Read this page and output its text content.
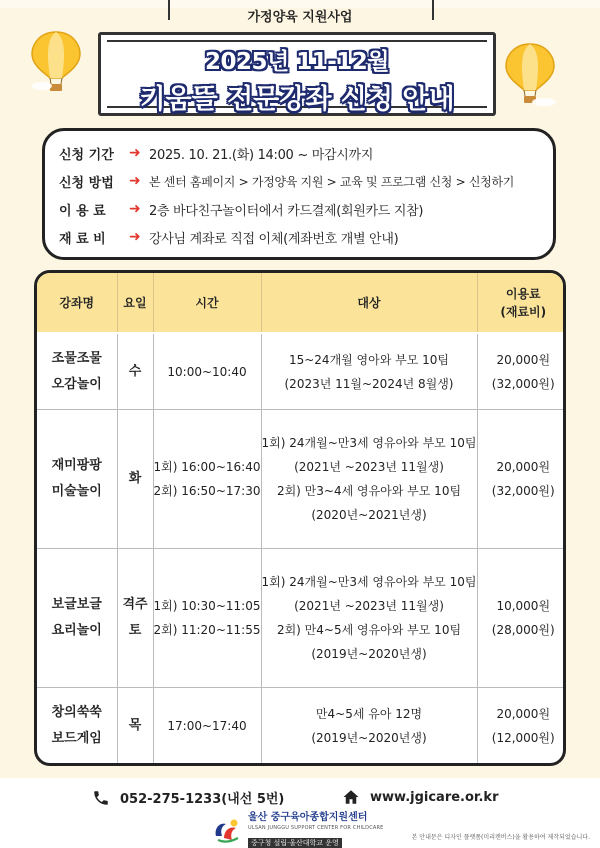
가정양육 지원사업
2025년 11-12월
키움뜰 전문강좌 신청 안내
신청 기간	➜ 2025. 10. 21.(화) 14:00 ~ 마감시까지
신청 방법	➜ 본 센터 홈페이지 > 가정양육 지원 > 교육 및 프로그램 신청 > 신청하기
이 용 료	➜ 2층 바다친구놀이터에서 카드결제(회원카드 지참)
재 료 비	➜ 강사님 계좌로 직접 이체(계좌번호 개별 안내)
강좌명	요일	시간	대상	이용료
(재료비)

조물조물
오감놀이	수	10:00~10:40	15~24개월 영아와 부모 10팀
(2023년 11월~2024년 8월생)	20,000원
(32,000원)

재미팡팡
미술놀이	화	1회) 16:00~16:40
2회) 16:50~17:30	1회) 24개월~만3세 영유아와 부모 10팀
(2021년 ~2023년 11월생)
2회) 만3~4세 영유아와 부모 10팀
(2020년~2021년생)	20,000원
(32,000원)

보글보글
요리놀이	격주
토	1회) 10:30~11:05
2회) 11:20~11:55	1회) 24개월~만3세 영유아와 부모 10팀
(2021년 ~2023년 11월생)
2회) 만4~5세 영유아와 부모 10팀
(2019년~2020년생)	10,000원
(28,000원)

창의쑥쑥
보드게임	목	17:00~17:40	만4~5세 유아 12명
(2019년~2020년생)	20,000원
(12,000원)
052-275-1233(내선 5번)	www.jgicare.or.kr
울산 중구육아종합지원센터
ULSAN JUNGGU SUPPORT CENTER FOR CHILDCARE
중구청 설립·울산대학교 운영
본 안내문은 디자인 플랫폼(미리캔버스)을 활용하여 제작되었습니다.
